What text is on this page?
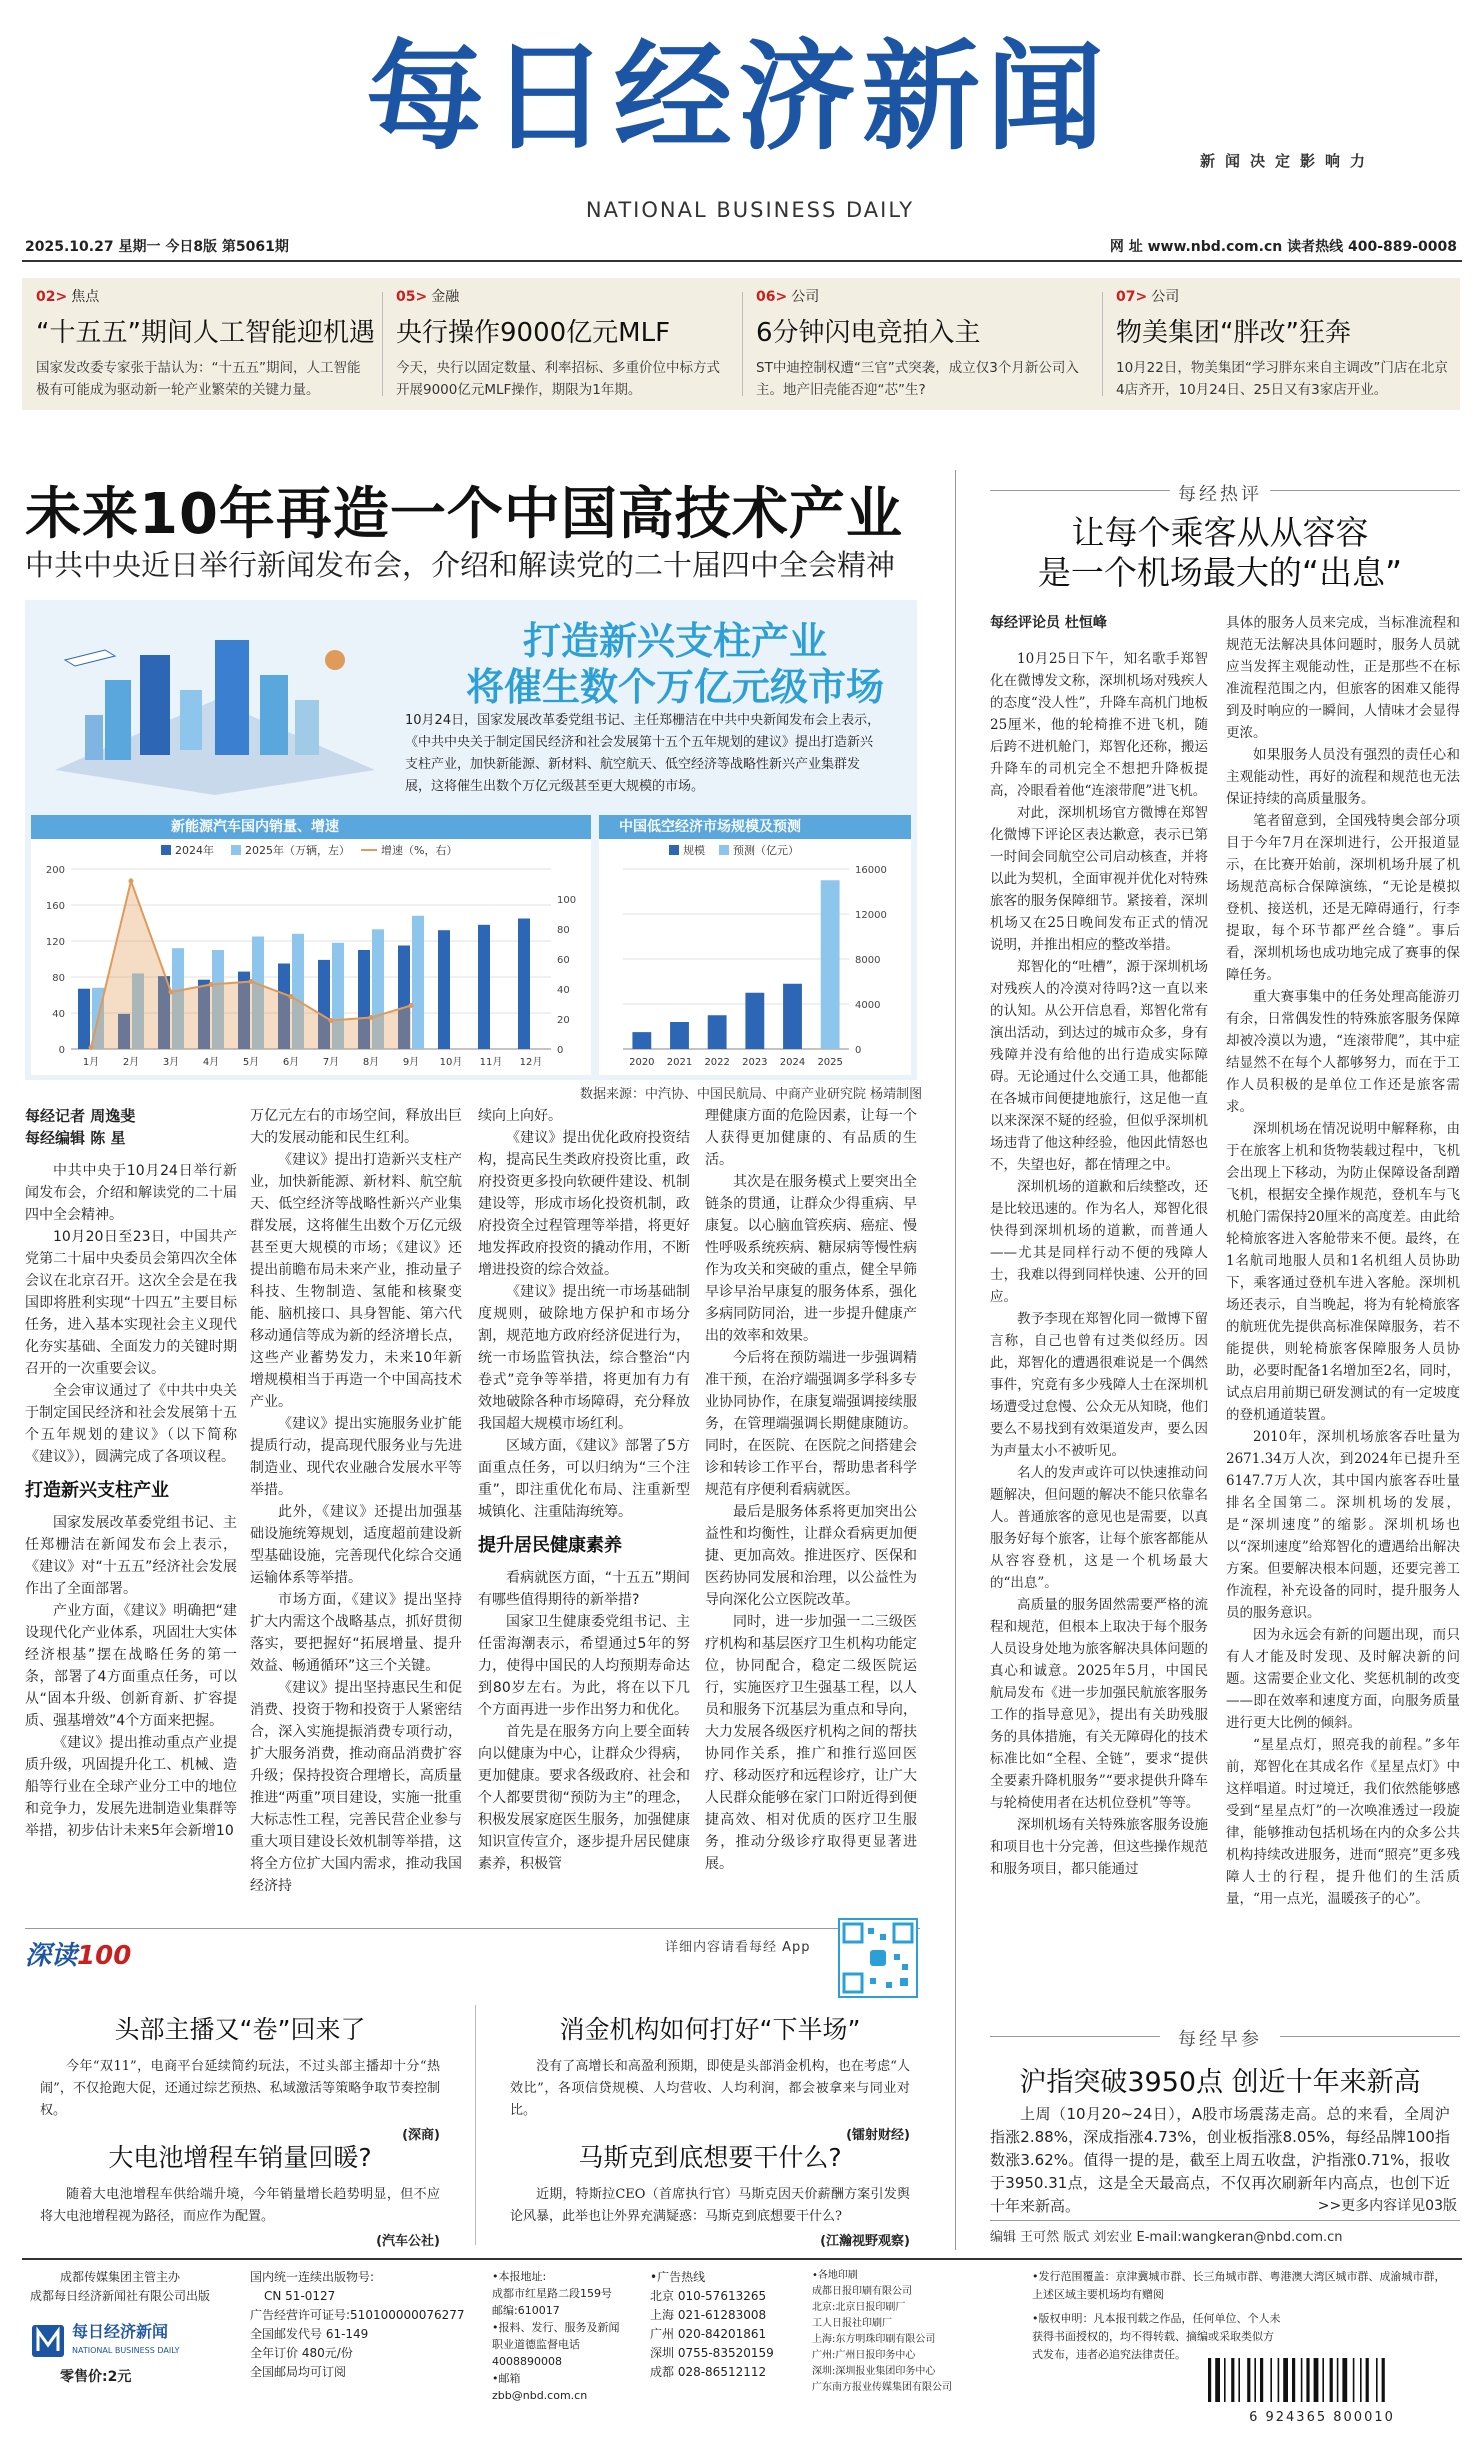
每日经济新闻	新闻决定影响力
NATIONAL BUSINESS DAILY
2025.10.27 星期一 今日8版 第5061期	网 址 www.nbd.com.cn 读者热线 400-889-0008
02> 焦点
“十五五”期间人工智能迎机遇
国家发改委专家张于喆认为：“十五五”期间，人工智能极有可能成为驱动新一轮产业繁荣的关键力量。
05> 金融
央行操作9000亿元MLF
今天，央行以固定数量、利率招标、多重价位中标方式开展9000亿元MLF操作，期限为1年期。
06> 公司
6分钟闪电竞拍入主
ST中迪控制权遭“三官”式突袭，成立仅3个月新公司入主。地产旧壳能否迎“芯”生?
07> 公司
物美集团“胖改”狂奔
10月22日，物美集团“学习胖东来自主调改”门店在北京4店齐开，10月24日、25日又有3家店开业。
未来10年再造一个中国高技术产业
中共中央近日举行新闻发布会，介绍和解读党的二十届四中全会精神
打造新兴支柱产业
将催生数个万亿元级市场
10月24日，国家发展改革委党组书记、主任郑栅洁在中共中央新闻发布会上表示，《中共中央关于制定国民经济和社会发展第十五个五年规划的建议》提出打造新兴支柱产业，加快新能源、新材料、航空航天、低空经济等战略性新兴产业集群发展，这将催生出数个万亿元级甚至更大规模的市场。
新能源汽车国内销量、增速
2024年	2025年（万辆，左）	增速（%，右）
0
40
80
120
160
200
0
20
40
60
80
100
1月 2月 3月 4月 5月 6月 7月 8月 9月 10月 11月 12月
中国低空经济市场规模及预测
规模	预测（亿元）
0
4000
8000
12000
16000
2020 2021 2022 2023 2024 2025
数据来源：中汽协、中国民航局、中商产业研究院 杨靖制图
每经记者 周逸斐
每经编辑 陈 星

中共中央于10月24日举行新闻发布会，介绍和解读党的二十届四中全会精神。

10月20日至23日，中国共产党第二十届中央委员会第四次全体会议在北京召开。这次全会是在我国即将胜利实现“十四五”主要目标任务，进入基本实现社会主义现代化夯实基础、全面发力的关键时期召开的一次重要会议。

全会审议通过了《中共中央关于制定国民经济和社会发展第十五个五年规划的建议》（以下简称《建议》），圆满完成了各项议程。

打造新兴支柱产业

国家发展改革委党组书记、主任郑栅洁在新闻发布会上表示，《建议》对“十五五”经济社会发展作出了全面部署。

产业方面，《建议》明确把“建设现代化产业体系，巩固壮大实体经济根基”摆在战略任务的第一条，部署了4方面重点任务，可以从“固本升级、创新育新、扩容提质、强基增效”4个方面来把握。

《建议》提出推动重点产业提质升级，巩固提升化工、机械、造船等行业在全球产业分工中的地位和竞争力，发展先进制造业集群等举措，初步估计未来5年会新增10

万亿元左右的市场空间，释放出巨大的发展动能和民生红利。

《建议》提出打造新兴支柱产业，加快新能源、新材料、航空航天、低空经济等战略性新兴产业集群发展，这将催生出数个万亿元级甚至更大规模的市场；《建议》还提出前瞻布局未来产业，推动量子科技、生物制造、氢能和核聚变能、脑机接口、具身智能、第六代移动通信等成为新的经济增长点，这些产业蓄势发力，未来10年新增规模相当于再造一个中国高技术产业。

《建议》提出实施服务业扩能提质行动，提高现代服务业与先进制造业、现代农业融合发展水平等举措。

此外，《建议》还提出加强基础设施统筹规划，适度超前建设新型基础设施，完善现代化综合交通运输体系等举措。

市场方面，《建议》提出坚持扩大内需这个战略基点，抓好贯彻落实，要把握好“拓展增量、提升效益、畅通循环”这三个关键。

《建议》提出坚持惠民生和促消费、投资于物和投资于人紧密结合，深入实施提振消费专项行动，扩大服务消费，推动商品消费扩容升级；保持投资合理增长，高质量推进“两重”项目建设，实施一批重大标志性工程，完善民营企业参与重大项目建设长效机制等举措，这将全方位扩大国内需求，推动我国经济持

续向上向好。

《建议》提出优化政府投资结构，提高民生类政府投资比重，政府投资更多投向软硬件建设、机制建设等，形成市场化投资机制，政府投资全过程管理等举措，将更好地发挥政府投资的撬动作用，不断增进投资的综合效益。

《建议》提出统一市场基础制度规则，破除地方保护和市场分割，规范地方政府经济促进行为，统一市场监管执法，综合整治“内卷式”竞争等举措，将更加有力有效地破除各种市场障碍，充分释放我国超大规模市场红利。

区域方面，《建议》部署了5方面重点任务，可以归纳为“三个注重”，即注重优化布局、注重新型城镇化、注重陆海统筹。

提升居民健康素养

看病就医方面，“十五五”期间有哪些值得期待的新举措?

国家卫生健康委党组书记、主任雷海潮表示，希望通过5年的努力，使得中国民的人均预期寿命达到80岁左右。为此，将在以下几个方面再进一步作出努力和优化。

首先是在服务方向上要全面转向以健康为中心，让群众少得病，更加健康。要求各级政府、社会和个人都要贯彻“预防为主”的理念，积极发展家庭医生服务，加强健康知识宣传宣介，逐步提升居民健康素养，积极管

理健康方面的危险因素，让每一个人获得更加健康的、有品质的生活。

其次是在服务模式上要突出全链条的贯通，让群众少得重病、早康复。以心脑血管疾病、癌症、慢性呼吸系统疾病、糖尿病等慢性病作为攻关和突破的重点，健全早筛早诊早治早康复的服务体系，强化多病同防同治，进一步提升健康产出的效率和效果。

今后将在预防端进一步强调精准干预，在治疗端强调多学科多专业协同协作，在康复端强调接续服务，在管理端强调长期健康随访。同时，在医院、在医院之间搭建会诊和转诊工作平台，帮助患者科学规范有序便利看病就医。

最后是服务体系将更加突出公益性和均衡性，让群众看病更加便捷、更加高效。推进医疗、医保和医药协同发展和治理，以公益性为导向深化公立医院改革。

同时，进一步加强一二三级医疗机构和基层医疗卫生机构功能定位，协同配合，稳定二级医院运行，实施医疗卫生强基工程，以人员和服务下沉基层为重点和导向，大力发展各级医疗机构之间的帮扶协同作关系，推广和推行巡回医疗、移动医疗和远程诊疗，让广大人民群众能够在家门口附近得到便捷高效、相对优质的医疗卫生服务，推动分级诊疗取得更显著进展。

每经热评
让每个乘客从从容容
是一个机场最大的“出息”
每经评论员 杜恒峰

10月25日下午，知名歌手郑智化在微博发文称，深圳机场对残疾人的态度“没人性”，升降车高机门地板25厘米，他的轮椅推不进飞机，随后跨不进机舱门，郑智化还称，搬运升降车的司机完全不想把升降板提高，冷眼看着他“连滚带爬”进飞机。

对此，深圳机场官方微博在郑智化微博下评论区表达歉意，表示已第一时间会同航空公司启动核查，并将以此为契机，全面审视并优化对特殊旅客的服务保障细节。紧接着，深圳机场又在25日晚间发布正式的情况说明，并推出相应的整改举措。

郑智化的“吐槽”，源于深圳机场对残疾人的冷漠对待吗?这一直以来的认知。从公开信息看，郑智化常有演出活动，到达过的城市众多，身有残障并没有给他的出行造成实际障碍。无论通过什么交通工具，他都能在各城市间便捷地旅行，这足他一直以来深深不疑的经验，但似乎深圳机场违背了他这种经验，他因此情怒也不，失望也好，都在情理之中。

深圳机场的道歉和后续整改，还是比较迅速的。作为名人，郑智化很快得到深圳机场的道歉，而普通人——尤其是同样行动不便的残障人士，我难以得到同样快速、公开的回应。

教予李现在郑智化同一微博下留言称，自己也曾有过类似经历。因此，郑智化的遭遇很难说是一个偶然事件，究竟有多少残障人士在深圳机场遭受过怠慢、公众无从知晓，他们要么不易找到有效渠道发声，要么因为声量太小不被听见。

名人的发声或许可以快速推动问题解决，但问题的解决不能只依靠名人。普通旅客的意见也是需要，以真服务好每个旅客，让每个旅客都能从从容容登机，这是一个机场最大的“出息”。

高质量的服务固然需要严格的流程和规范，但根本上取决于每个服务人员设身处地为旅客解决具体问题的真心和诚意。2025年5月，中国民航局发布《进一步加强民航旅客服务工作的指导意见》，提出有关助残服务的具体措施，有关无障碍化的技术标准比如“全程、全链”，要求“提供全要素升降机服务”“要求提供升降车与轮椅使用者在达机位登机”等等。

深圳机场有关特殊旅客服务设施和项目也十分完善，但这些操作规范和服务项目，都只能通过

具体的服务人员来完成，当标准流程和规范无法解决具体问题时，服务人员就应当发挥主观能动性，正是那些不在标准流程范围之内，但旅客的困难又能得到及时响应的一瞬间，人情味才会显得更浓。

如果服务人员没有强烈的责任心和主观能动性，再好的流程和规范也无法保证持续的高质量服务。

笔者留意到，全国残特奥会部分项目于今年7月在深圳进行，公开报道显示，在比赛开始前，深圳机场升展了机场规范高标合保障演练，“无论是模拟登机、接送机，还是无障碍通行，行李提取，每个环节都严丝合缝”。事后看，深圳机场也成功地完成了赛事的保障任务。

重大赛事集中的任务处理高能游刃有余，日常偶发性的特殊旅客服务保障却被冷漠以为遗，“连滚带爬”，其中症结显然不在每个人都够努力，而在于工作人员积极的是单位工作还是旅客需求。

深圳机场在情况说明中解释称，由于在旅客上机和货物装载过程中，飞机会出现上下移动，为防止保障设备刮蹭飞机，根据安全操作规范，登机车与飞机舱门需保持20厘米的高度差。由此给轮椅旅客进入客舱带来不便。最终，在1名航司地服人员和1名机组人员协助下，乘客通过登机车进入客舱。深圳机场还表示，自当晚起，将为有轮椅旅客的航班优先提供高标准保障服务，若不能提供，则轮椅旅客保障服务人员协助，必要时配备1名增加至2名，同时，试点启用前期已研发测试的有一定坡度的登机通道装置。

2010年，深圳机场旅客吞吐量为2671.34万人次，到2024年已提升至6147.7万人次，其中国内旅客吞吐量排名全国第二。深圳机场的发展，是“深圳速度”的缩影。深圳机场也以“深圳速度”给郑智化的遭遇给出解决方案。但要解决根本问题，还要完善工作流程，补充设备的同时，提升服务人员的服务意识。

因为永远会有新的问题出现，而只有人才能及时发现、及时解决新的问题。这需要企业文化、奖惩机制的改变——即在效率和速度方面，向服务质量进行更大比例的倾斜。

“星星点灯，照亮我的前程。”多年前，郑智化在其成名作《星星点灯》中这样唱道。时过境迁，我们依然能够感受到“星星点灯”的一次唤准透过一段旋律，能够推动包括机场在内的众多公共机构持续改进服务，进而“照亮”更多残障人士的行程，提升他们的生活质量，“用一点光，温暖孩子的心”。

每经早参
沪指突破3950点 创近十年来新高
上周（10月20~24日），A股市场震荡走高。总的来看，全周沪指涨2.88%，深成指涨4.73%，创业板指涨8.05%，每经品牌100指数涨3.62%。值得一提的是，截至上周五收盘，沪指涨0.71%，报收于3950.31点，这是全天最高点，不仅再次刷新年内高点，也创下近十年来新高。	>>更多内容详见03版
编辑 王可然 版式 刘宏业 E-mail:wangkeran@nbd.com.cn
深读100	详细内容请看每经 App
头部主播又“卷”回来了
今年“双11”，电商平台延续简约玩法，不过头部主播却十分“热闹”，不仅抢跑大促，还通过综艺预热、私域激活等策略争取节奏控制权。
(深商)
消金机构如何打好“下半场”
没有了高增长和高盈利预期，即使是头部消金机构，也在考虑“人效比”，各项信贷规模、人均营收、人均利润，都会被拿来与同业对比。
(镭射财经)
大电池增程车销量回暖?
随着大电池增程车供给端升境，今年销量增长趋势明显，但不应将大电池增程视为路径，而应作为配置。
(汽车公社)
马斯克到底想要干什么?
近期，特斯拉CEO（首席执行官）马斯克因天价薪酬方案引发舆论风暴，此举也让外界充满疑惑：马斯克到底想要干什么?
(江瀚视野观察)
成都传媒集团主管主办
成都每日经济新闻社有限公司出版
每日经济新闻
NATIONAL BUSINESS DAILY
零售价:2元
国内统一连续出版物号:
CN 51-0127
广告经营许可证号:510100000076277
全国邮发代号 61-149
全年订价 480元/份
全国邮局均可订阅
•本报地址:
成都市红星路二段159号
邮编:610017
•报料、发行、服务及新闻
职业道德监督电话
4008890008
•邮箱
zbb@nbd.com.cn
•广告热线
北京 010-57613265
上海 021-61283008
广州 020-84201861
深圳 0755-83520159
成都 028-86512112
•各地印刷
成都日报印刷有限公司
北京:北京日报印刷厂
工人日报社印刷厂
上海:东方明珠印刷有限公司
广州:广州日报印务中心
深圳:深圳报业集团印务中心
广东南方报业传媒集团有限公司
•发行范围覆盖：京津冀城市群、长三角城市群、粤港澳大湾区城市群、成渝城市群，上述区域主要机场均有赠阅
•版权申明：凡本报刊载之作品，任何单位、个人未获得书面授权的，均不得转载、摘编或采取类似方式发布，违者必追究法律责任。
6 924365 800010
